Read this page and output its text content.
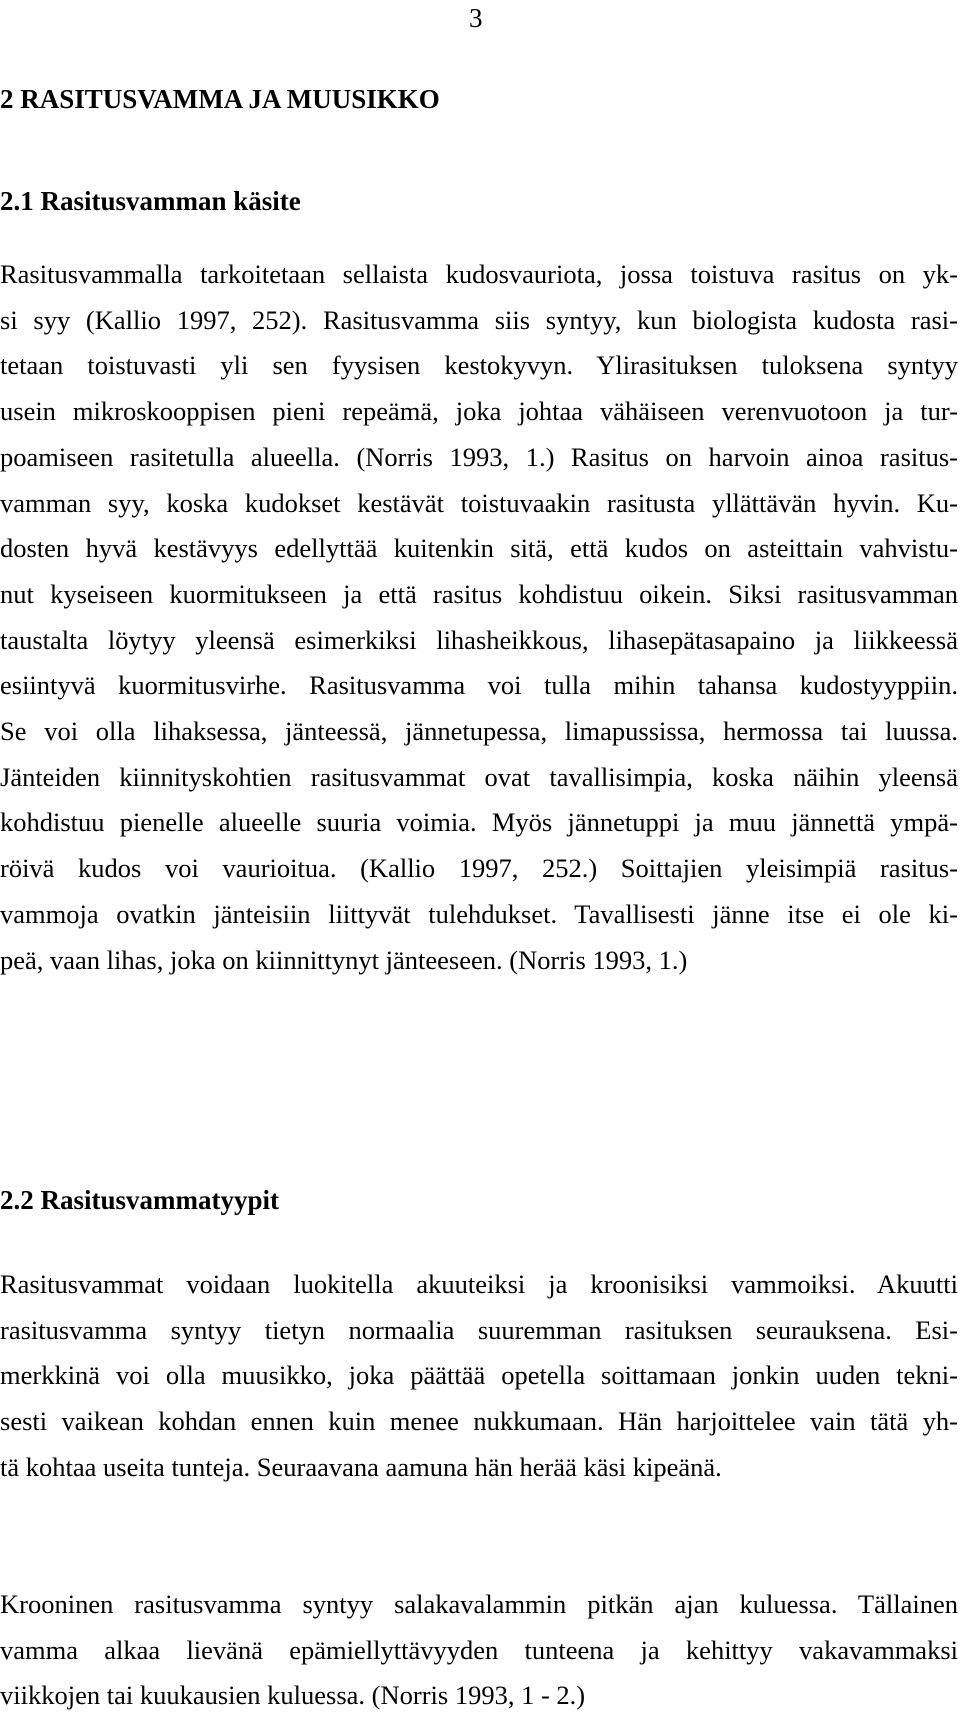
3
2 RASITUSVAMMA JA MUUSIKKO
2.1 Rasitusvamman käsite
Rasitusvammalla tarkoitetaan sellaista kudosvauriota, jossa toistuva rasitus on yk-
si syy (Kallio 1997, 252). Rasitusvamma siis syntyy, kun biologista kudosta rasi-
tetaan toistuvasti yli sen fyysisen kestokyvyn. Ylirasituksen tuloksena syntyy
usein mikroskooppisen pieni repeämä, joka johtaa vähäiseen verenvuotoon ja tur-
poamiseen rasitetulla alueella. (Norris 1993, 1.) Rasitus on harvoin ainoa rasitus-
vamman syy, koska kudokset kestävät toistuvaakin rasitusta yllättävän hyvin. Ku-
dosten hyvä kestävyys edellyttää kuitenkin sitä, että kudos on asteittain vahvistu-
nut kyseiseen kuormitukseen ja että rasitus kohdistuu oikein. Siksi rasitusvamman
taustalta löytyy yleensä esimerkiksi lihasheikkous, lihasepätasapaino ja liikkeessä
esiintyvä kuormitusvirhe. Rasitusvamma voi tulla mihin tahansa kudostyyppiin.
Se voi olla lihaksessa, jänteessä, jännetupessa, limapussissa, hermossa tai luussa.
Jänteiden kiinnityskohtien rasitusvammat ovat tavallisimpia, koska näihin yleensä
kohdistuu pienelle alueelle suuria voimia. Myös jännetuppi ja muu jännettä ympä-
röivä kudos voi vaurioitua. (Kallio 1997, 252.) Soittajien yleisimpiä rasitus-
vammoja ovatkin jänteisiin liittyvät tulehdukset. Tavallisesti jänne itse ei ole ki-
peä, vaan lihas, joka on kiinnittynyt jänteeseen. (Norris 1993, 1.)
2.2 Rasitusvammatyypit
Rasitusvammat voidaan luokitella akuuteiksi ja kroonisiksi vammoiksi. Akuutti
rasitusvamma syntyy tietyn normaalia suuremman rasituksen seurauksena. Esi-
merkkinä voi olla muusikko, joka päättää opetella soittamaan jonkin uuden tekni-
sesti vaikean kohdan ennen kuin menee nukkumaan. Hän harjoittelee vain tätä yh-
tä kohtaa useita tunteja. Seuraavana aamuna hän herää käsi kipeänä.
Krooninen rasitusvamma syntyy salakavalammin pitkän ajan kuluessa. Tällainen
vamma alkaa lievänä epämiellyttävyyden tunteena ja kehittyy vakavammaksi
viikkojen tai kuukausien kuluessa. (Norris 1993, 1 - 2.)
